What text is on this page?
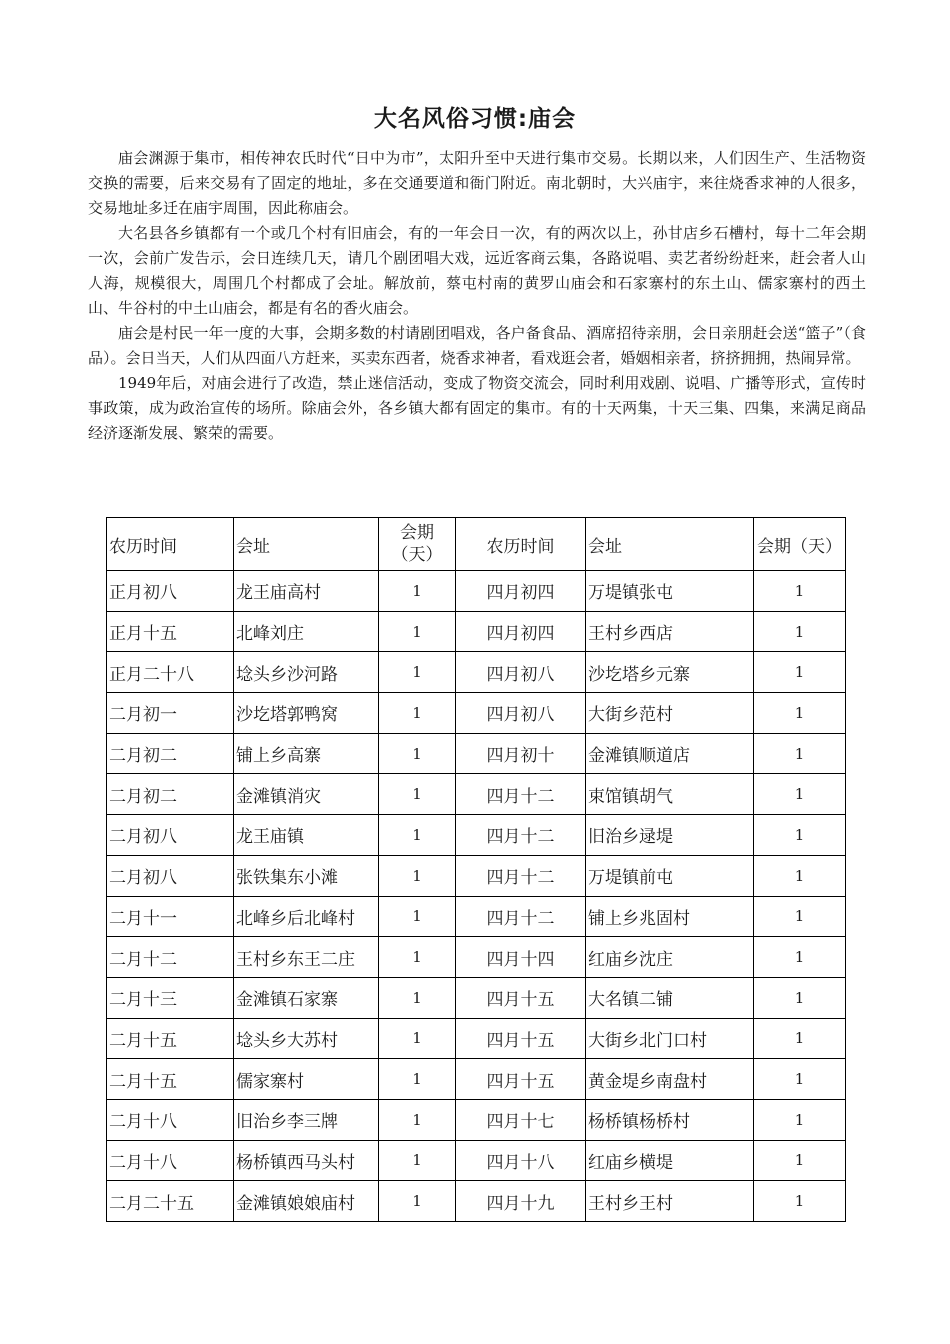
大名风俗习惯:庙会

庙会渊源于集市，相传神农氏时代“日中为市”，太阳升至中天进行集市交易。长期以来，人们因生产、生活物资交换的需要，后来交易有了固定的地址，多在交通要道和衙门附近。南北朝时，大兴庙宇，来往烧香求神的人很多，交易地址多迁在庙宇周围，因此称庙会。

大名县各乡镇都有一个或几个村有旧庙会，有的一年会日一次，有的两次以上，孙甘店乡石槽村，每十二年会期一次，会前广发告示，会日连续几天，请几个剧团唱大戏，远近客商云集，各路说唱、卖艺者纷纷赶来，赶会者人山人海，规模很大，周围几个村都成了会址。解放前，蔡屯村南的黄罗山庙会和石家寨村的东土山、儒家寨村的西土山、牛谷村的中土山庙会，都是有名的香火庙会。

庙会是村民一年一度的大事，会期多数的村请剧团唱戏，各户备食品、酒席招待亲朋，会日亲朋赶会送“篮子”（食品）。会日当天，人们从四面八方赶来，买卖东西者，烧香求神者，看戏逛会者，婚姻相亲者，挤挤拥拥，热闹异常。

1949年后，对庙会进行了改造，禁止迷信活动，变成了物资交流会，同时利用戏剧、说唱、广播等形式，宣传时事政策，成为政治宣传的场所。除庙会外，各乡镇大都有固定的集市。有的十天两集，十天三集、四集，来满足商品经济逐渐发展、繁荣的需要。

农历时间	会址	会期（天）	农历时间	会址	会期（天）
正月初八	龙王庙高村	1	四月初四	万堤镇张屯	1
正月十五	北峰刘庄	1	四月初四	王村乡西店	1
正月二十八	埝头乡沙河路	1	四月初八	沙圪塔乡元寨	1
二月初一	沙圪塔郭鸭窝	1	四月初八	大街乡范村	1
二月初二	铺上乡高寨	1	四月初十	金滩镇顺道店	1
二月初二	金滩镇消灾	1	四月十二	束馆镇胡气	1
二月初八	龙王庙镇	1	四月十二	旧治乡逯堤	1
二月初八	张铁集东小滩	1	四月十二	万堤镇前屯	1
二月十一	北峰乡后北峰村	1	四月十二	铺上乡兆固村	1
二月十二	王村乡东王二庄	1	四月十四	红庙乡沈庄	1
二月十三	金滩镇石家寨	1	四月十五	大名镇二铺	1
二月十五	埝头乡大苏村	1	四月十五	大街乡北门口村	1
二月十五	儒家寨村	1	四月十五	黄金堤乡南盘村	1
二月十八	旧治乡李三牌	1	四月十七	杨桥镇杨桥村	1
二月十八	杨桥镇西马头村	1	四月十八	红庙乡横堤	1
二月二十五	金滩镇娘娘庙村	1	四月十九	王村乡王村	1
